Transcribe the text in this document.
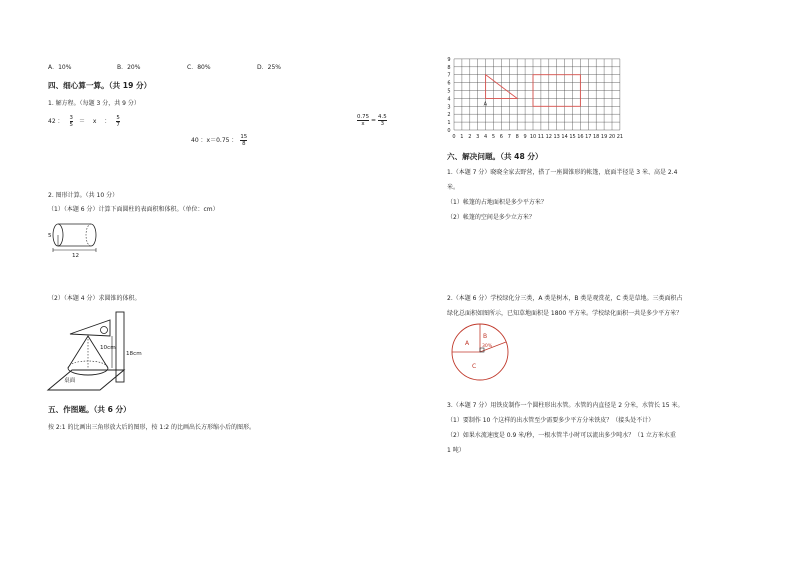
A．10%	B．20%	C．80%	D．25%
四、细心算一算。（共 19 分）
1. 解方程。（每题 3 分，共 9 分）
42 ： $\frac{3}{5} = x$ ： $\frac{5}{7}$	$\frac{0.75}{x} = \frac{4.5}{3}$
40 ：x＝0.75 ： $\frac{15}{8}$
2. 图形计算。（共 10 分）
（1）（本题 6 分）计算下面圆柱的表面积和体积。（单位：cm）
5
12
（2）（本题 4 分）求圆锥的体积。
10cm
18cm
桌面
五、作图题。（共 6 分）
按 2:1 的比画出三角形放大后的图形，按 1:2 的比画出长方形缩小后的图形。
0 1 2 3 4 5 6 7 8 9 10 11 12 13 14 15 16 17 18 19 20 21
0
1
2
3
4
5
6
7
8
9
A
六、解决问题。（共 48 分）
1.（本题 7 分）晓晓全家去野营，搭了一座圆锥形的帐篷，底面半径是 3 米、高是 2.4
米。
（1）帐篷的占地面积是多少平方米？
（2）帐篷的空间是多少立方米？
2.（本题 6 分）学校绿化分三类，A 类是树木，B 类是观赏花，C 类是草地。三类面积占
绿化总面积如图所示，已知草地面积是 1800 平方米。学校绿化面积一共是多少平方米？
A
B
30%
C
3.（本题 7 分）用铁皮制作一个圆柱形出水管。水管的内直径是 2 分米，水管长 15 米。
（1）要制作 10 个这样的出水管至少需要多少平方分米铁皮？（接头处不计）
（2）如果水流速度是 0.9 米/秒，一根水管半小时可以流出多少吨水？（1 立方米水重
1 吨）
